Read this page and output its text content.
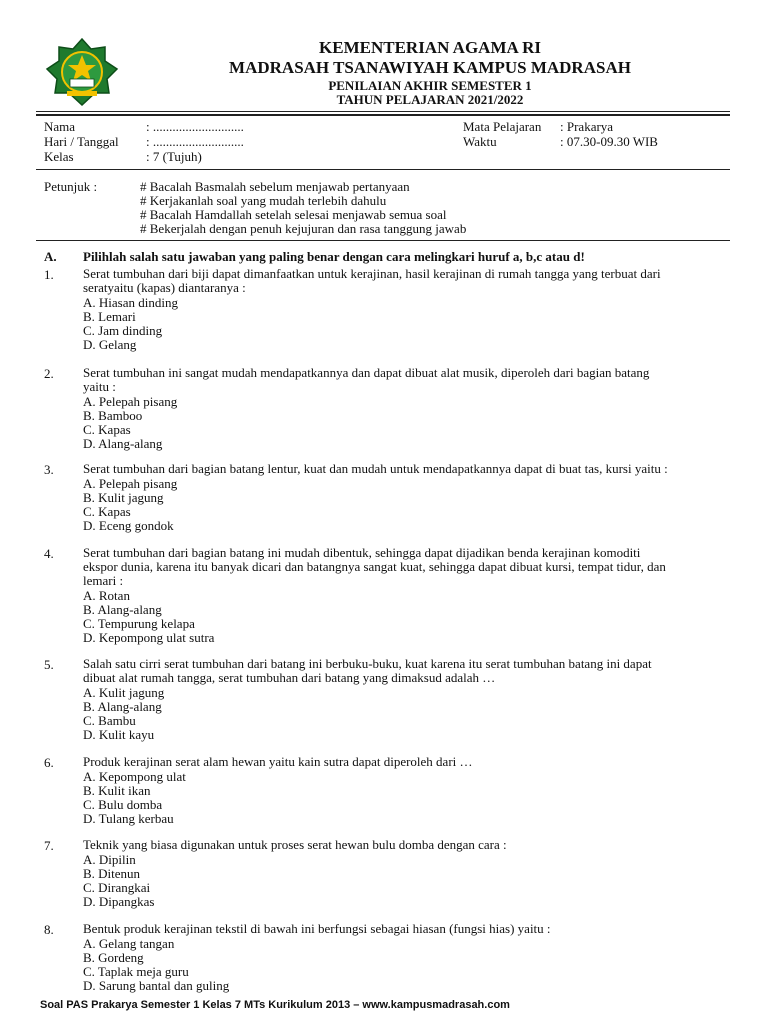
KEMENTERIAN AGAMA RI
MADRASAH TSANAWIYAH KAMPUS MADRASAH
PENILAIAN AKHIR SEMESTER 1
TAHUN PELAJARAN 2021/2022
Nama	: ............................
Hari / Tanggal : ............................
Kelas	: 7 (Tujuh)
Mata Pelajaran : Prakarya
Waktu	: 07.30-09.30 WIB
Petunjuk :	# Bacalah Basmalah sebelum menjawab pertanyaan
# Kerjakanlah soal yang mudah terlebih dahulu
# Bacalah Hamdallah setelah selesai menjawab semua soal
# Bekerjalah dengan penuh kejujuran dan rasa tanggung jawab
A. Pilihlah salah satu jawaban yang paling benar dengan cara melingkari huruf a, b,c atau d!
1. Serat tumbuhan dari biji dapat dimanfaatkan untuk kerajinan, hasil kerajinan di rumah tangga yang terbuat dari
seratyaitu (kapas) diantaranya :
A. Hiasan dinding
B. Lemari
C. Jam dinding
D. Gelang
2. Serat tumbuhan ini sangat mudah mendapatkannya dan dapat dibuat alat musik, diperoleh dari bagian batang
yaitu :
A. Pelepah pisang
B. Bamboo
C. Kapas
D. Alang-alang
3. Serat tumbuhan dari bagian batang lentur, kuat dan mudah untuk mendapatkannya dapat di buat tas, kursi yaitu :
A. Pelepah pisang
B. Kulit jagung
C. Kapas
D. Eceng gondok
4. Serat tumbuhan dari bagian batang ini mudah dibentuk, sehingga dapat dijadikan benda kerajinan komoditi
ekspor dunia, karena itu banyak dicari dan batangnya sangat kuat, sehingga dapat dibuat kursi, tempat tidur, dan
lemari :
A. Rotan
B. Alang-alang
C. Tempurung kelapa
D. Kepompong ulat sutra
5. Salah satu cirri serat tumbuhan dari batang ini berbuku-buku, kuat karena itu serat tumbuhan batang ini dapat
dibuat alat rumah tangga, serat tumbuhan dari batang yang dimaksud adalah …
A. Kulit jagung
B. Alang-alang
C. Bambu
D. Kulit kayu
6. Produk kerajinan serat alam hewan yaitu kain sutra dapat diperoleh dari …
A. Kepompong ulat
B. Kulit ikan
C. Bulu domba
D. Tulang kerbau
7. Teknik yang biasa digunakan untuk proses serat hewan bulu domba dengan cara :
A. Dipilin
B. Ditenun
C. Dirangkai
D. Dipangkas
8. Bentuk produk kerajinan tekstil di bawah ini berfungsi sebagai hiasan (fungsi hias) yaitu :
A. Gelang tangan
B. Gordeng
C. Taplak meja guru
D. Sarung bantal dan guling
Soal PAS Prakarya Semester 1 Kelas 7 MTs Kurikulum 2013 – www.kampusmadrasah.com
